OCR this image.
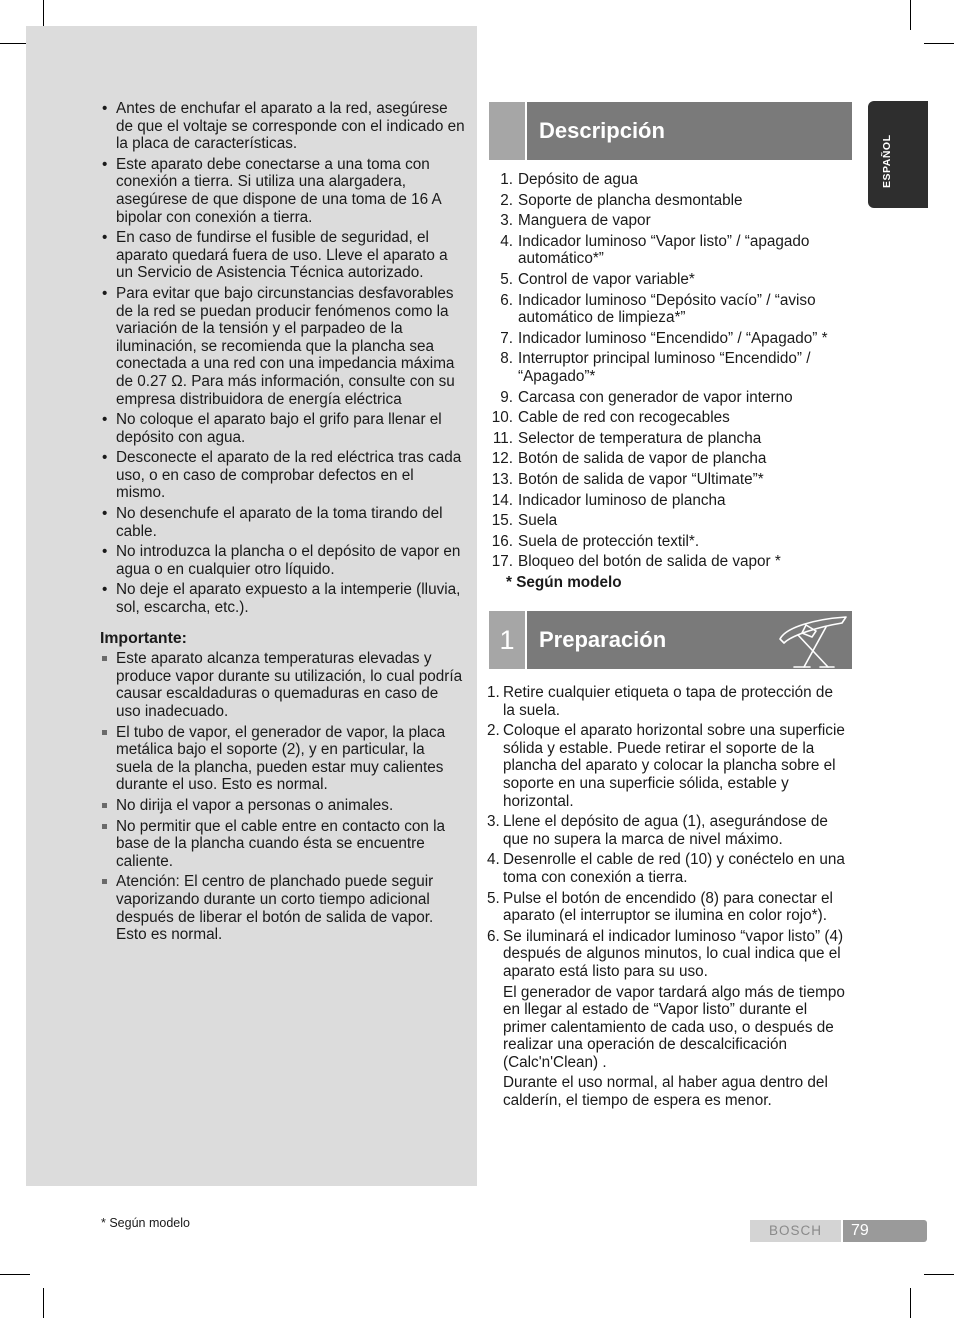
• Antes de enchufar el aparato a la red, asegúrese de que el voltaje se corresponde con el indicado en la placa de características.
• Este aparato debe conectarse a una toma con conexión a tierra. Si utiliza una alargadera, asegúrese de que dispone de una toma de 16 A bipolar con conexión a tierra.
• En caso de fundirse el fusible de seguridad, el aparato quedará fuera de uso. Lleve el aparato a un Servicio de Asistencia Técnica autorizado.
• Para evitar que bajo circunstancias desfavorables de la red se puedan producir fenómenos como la variación de la tensión y el parpadeo de la iluminación, se recomienda que la plancha sea conectada a una red con una impedancia máxima de 0.27 Ω. Para más información, consulte con su empresa distribuidora de energía eléctrica
• No coloque el aparato bajo el grifo para llenar el depósito con agua.
• Desconecte el aparato de la red eléctrica tras cada uso, o en caso de comprobar defectos en el mismo.
• No desenchufe el aparato de la toma tirando del cable.
• No introduzca la plancha o el depósito de vapor en agua o en cualquier otro líquido.
• No deje el aparato expuesto a la intemperie (lluvia, sol, escarcha, etc.).
Importante:
Este aparato alcanza temperaturas elevadas y produce vapor durante su utilización, lo cual podría causar escaldaduras o quemaduras en caso de uso inadecuado.
El tubo de vapor, el generador de vapor, la placa metálica bajo el soporte (2), y en particular, la suela de la plancha, pueden estar muy calientes durante el uso. Esto es normal.
No dirija el vapor a personas o animales.
No permitir que el cable entre en contacto con la base de la plancha cuando ésta se encuentre caliente.
Atención: El centro de planchado puede seguir vaporizando durante un corto tiempo adicional después de liberar el botón de salida de vapor. Esto es normal.
Descripción
1. Depósito de agua
2. Soporte de plancha desmontable
3. Manguera de vapor
4. Indicador luminoso “Vapor listo” / “apagado automático*”
5. Control de vapor variable*
6. Indicador luminoso “Depósito vacío” / “aviso automático de limpieza*”
7. Indicador luminoso “Encendido” / “Apagado” *
8. Interruptor principal luminoso “Encendido” / “Apagado”*
9. Carcasa con generador de vapor interno
10. Cable de red con recogecables
11. Selector de temperatura de plancha
12. Botón de salida de vapor de plancha
13. Botón de salida de vapor “Ultimate”*
14. Indicador luminoso de plancha
15. Suela
16. Suela de protección textil*.
17. Bloqueo del botón de salida de vapor *
* Según modelo
1	Preparación
1. Retire cualquier etiqueta o tapa de protección de la suela.

2. Coloque el aparato horizontal sobre una superficie sólida y estable. Puede retirar el soporte de la plancha del aparato y colocar la plancha sobre el soporte en una superficie sólida, estable y horizontal.

3. Llene el depósito de agua (1), asegurándose de que no supera la marca de nivel máximo.

4. Desenrolle el cable de red (10) y conéctelo en una toma con conexión a tierra.

5. Pulse el botón de encendido (8) para conectar el aparato (el interruptor se ilumina en color rojo*).

6. Se iluminará el indicador luminoso “vapor listo” (4) después de algunos minutos, lo cual indica que el aparato está listo para su uso.

El generador de vapor tardará algo más de tiempo en llegar al estado de “Vapor listo” durante el primer calentamiento de cada uso, o después de realizar una operación de descalcificación (Calc'n'Clean) .

Durante el uso normal, al haber agua dentro del calderín, el tiempo de espera es menor.

ESPAÑOL
* Según modelo	BOSCH	79
